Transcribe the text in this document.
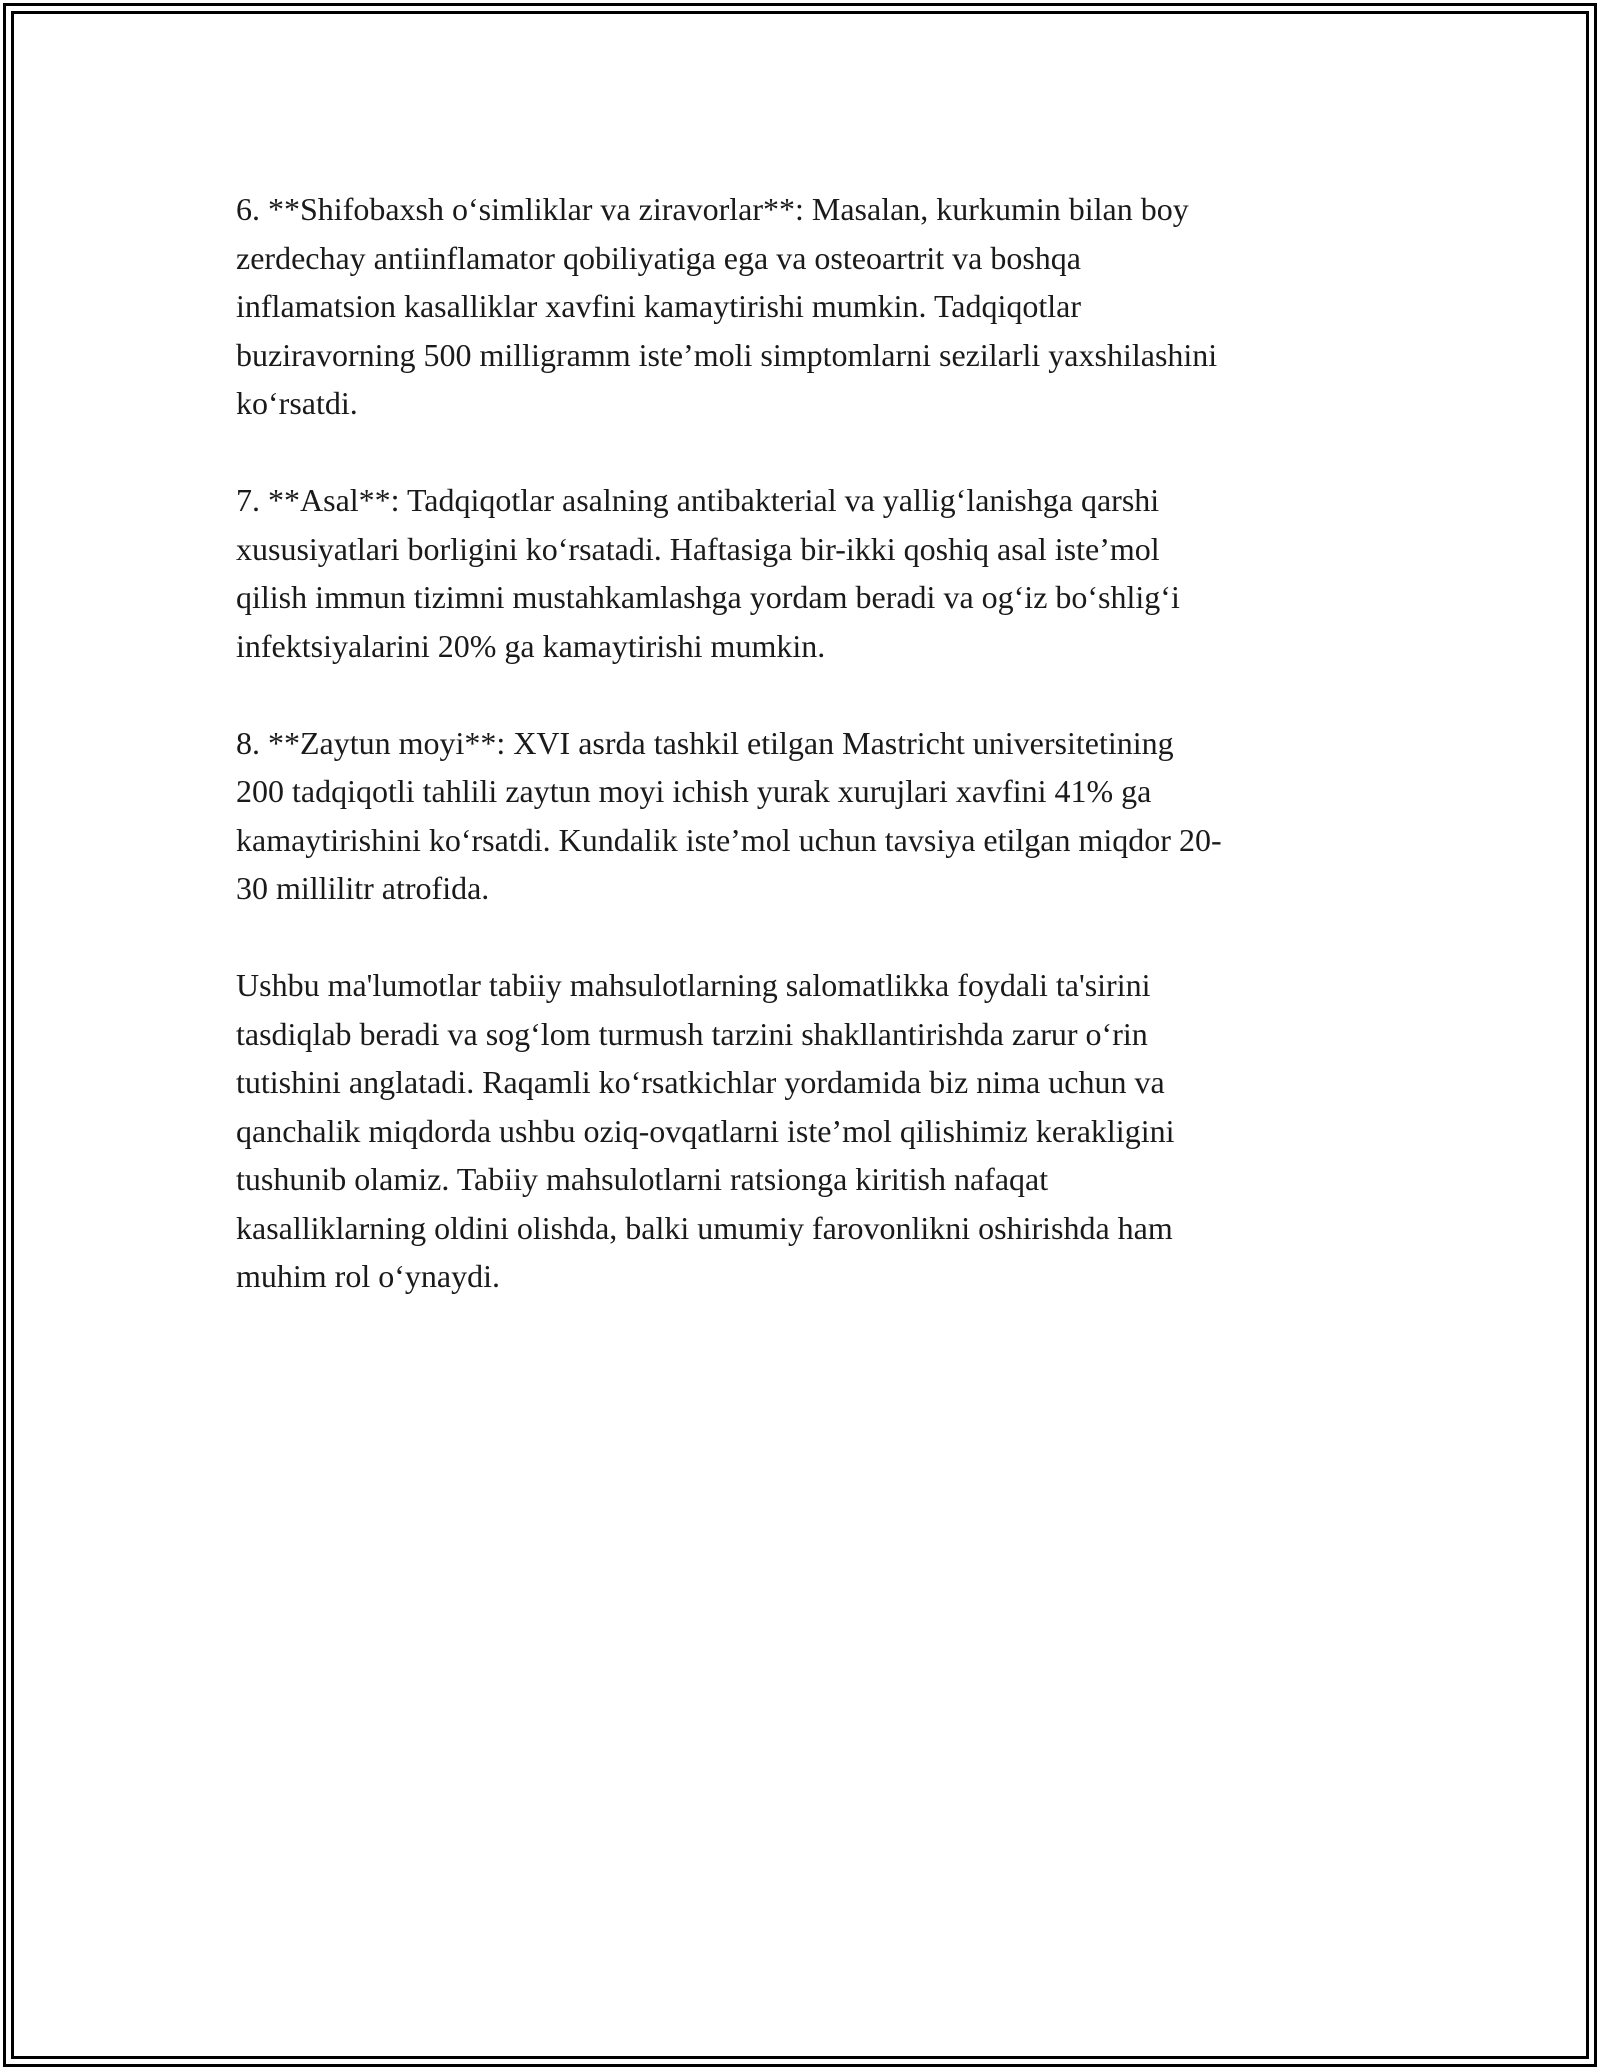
6. **Shifobaxsh o‘simliklar va ziravorlar**: Masalan, kurkumin bilan boy
zerdechay antiinflamator qobiliyatiga ega va osteoartrit va boshqa
inflamatsion kasalliklar xavfini kamaytirishi mumkin. Tadqiqotlar
buziravorning 500 milligramm iste’moli simptomlarni sezilarli yaxshilashini
ko‘rsatdi.

7. **Asal**: Tadqiqotlar asalning antibakterial va yallig‘lanishga qarshi
xususiyatlari borligini ko‘rsatadi. Haftasiga bir-ikki qoshiq asal iste’mol
qilish immun tizimni mustahkamlashga yordam beradi va og‘iz bo‘shlig‘i
infektsiyalarini 20% ga kamaytirishi mumkin.

8. **Zaytun moyi**: XVI asrda tashkil etilgan Mastricht universitetining
200 tadqiqotli tahlili zaytun moyi ichish yurak xurujlari xavfini 41% ga
kamaytirishini ko‘rsatdi. Kundalik iste’mol uchun tavsiya etilgan miqdor 20-
30 millilitr atrofida.

Ushbu ma'lumotlar tabiiy mahsulotlarning salomatlikka foydali ta'sirini
tasdiqlab beradi va sog‘lom turmush tarzini shakllantirishda zarur o‘rin
tutishini anglatadi. Raqamli ko‘rsatkichlar yordamida biz nima uchun va
qanchalik miqdorda ushbu oziq-ovqatlarni iste’mol qilishimiz kerakligini
tushunib olamiz. Tabiiy mahsulotlarni ratsionga kiritish nafaqat
kasalliklarning oldini olishda, balki umumiy farovonlikni oshirishda ham
muhim rol o‘ynaydi.
